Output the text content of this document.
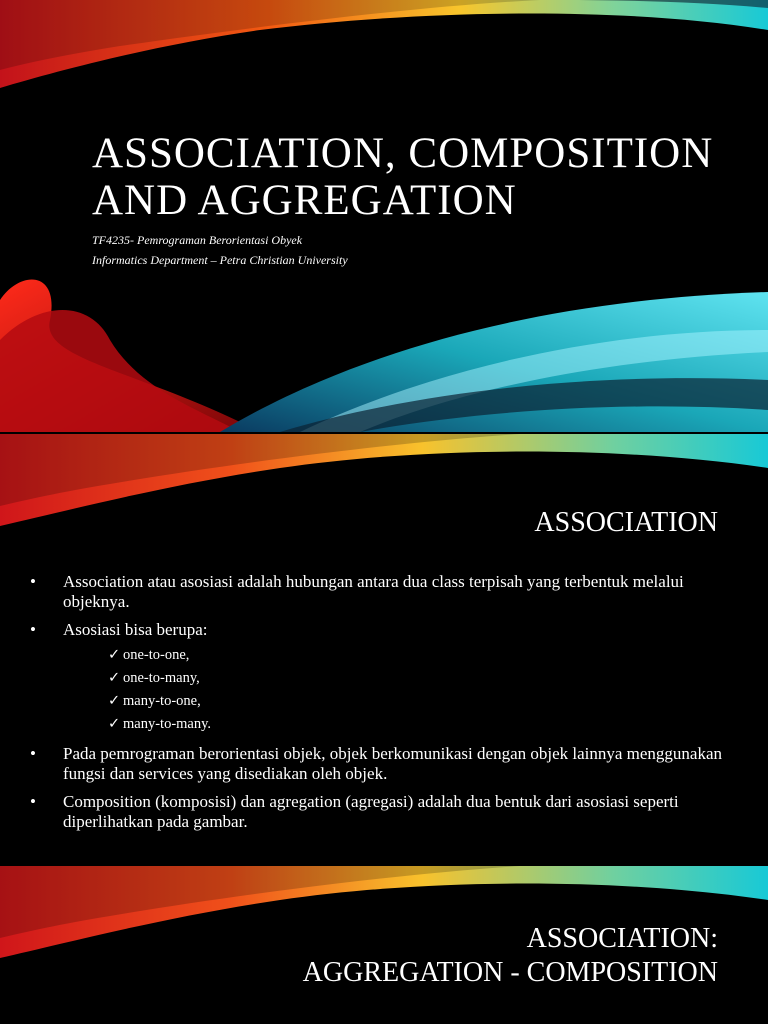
ASSOCIATION, COMPOSITION
AND AGGREGATION
TF4235- Pemrograman Berorientasi Obyek
Informatics Department – Petra Christian University
ASSOCIATION
• Association atau asosiasi adalah hubungan antara dua class terpisah yang terbentuk melalui objeknya.
• Asosiasi bisa berupa:
✓ one-to-one,
✓ one-to-many,
✓ many-to-one,
✓ many-to-many.
• Pada pemrograman berorientasi objek, objek berkomunikasi dengan objek lainnya menggunakan fungsi dan services yang disediakan oleh objek.
• Composition (komposisi) dan agregation (agregasi) adalah dua bentuk dari asosiasi seperti diperlihatkan pada gambar.
ASSOCIATION:
AGGREGATION - COMPOSITION
